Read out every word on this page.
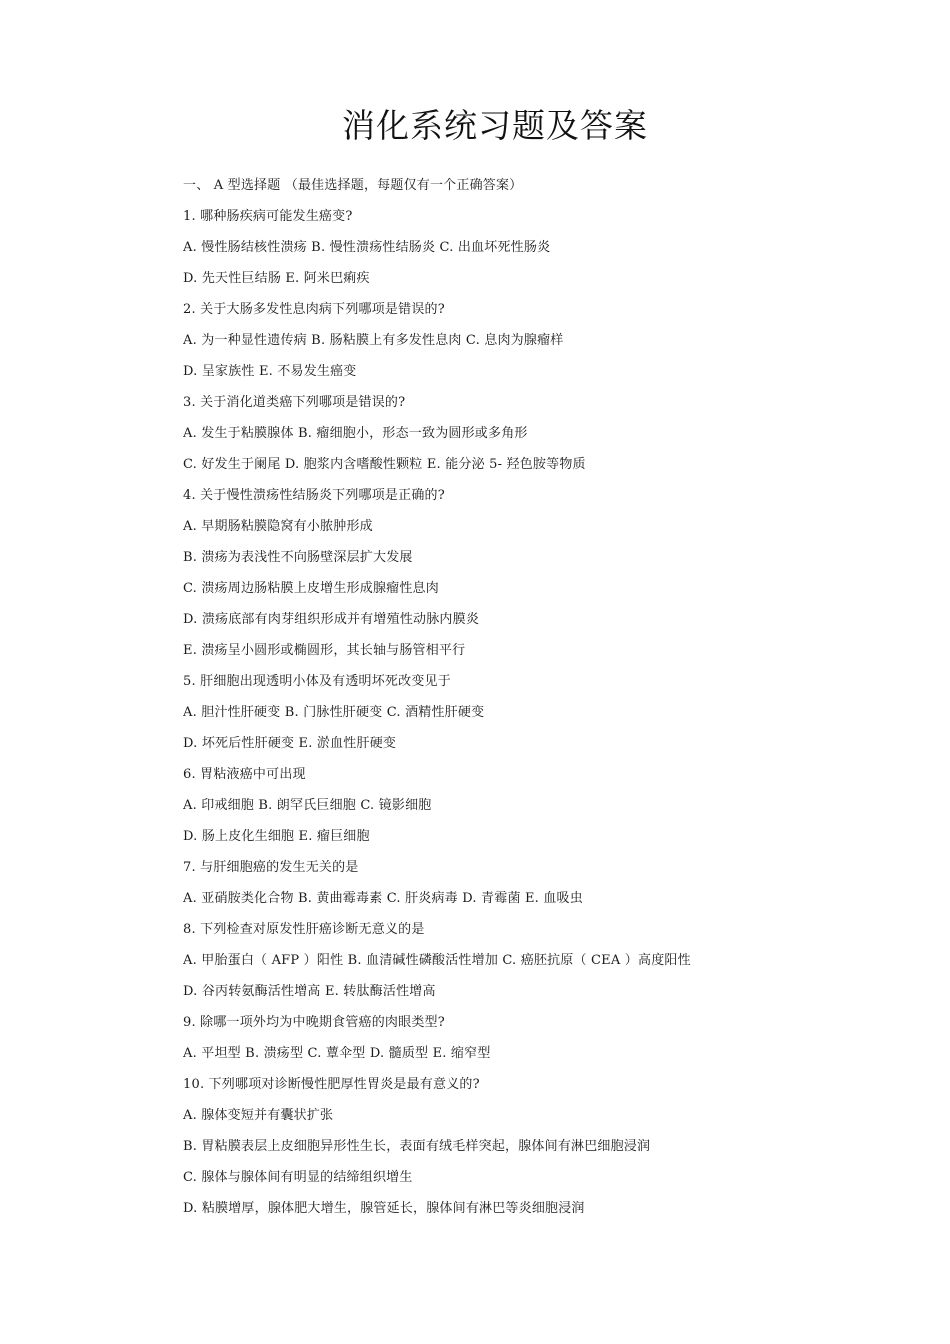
消化系统习题及答案
一、 A 型选择题 （最佳选择题，每题仅有一个正确答案）
1. 哪种肠疾病可能发生癌变?
A. 慢性肠结核性溃疡 B. 慢性溃疡性结肠炎 C. 出血坏死性肠炎
D. 先天性巨结肠 E. 阿米巴痢疾
2. 关于大肠多发性息肉病下列哪项是错误的?
A. 为一种显性遗传病 B. 肠粘膜上有多发性息肉 C. 息肉为腺瘤样
D. 呈家族性 E. 不易发生癌变
3. 关于消化道类癌下列哪项是错误的?
A. 发生于粘膜腺体 B. 瘤细胞小，形态一致为圆形或多角形
C. 好发生于阑尾 D. 胞浆内含嗜酸性颗粒 E. 能分泌 5- 羟色胺等物质
4. 关于慢性溃疡性结肠炎下列哪项是正确的?
A. 早期肠粘膜隐窝有小脓肿形成
B. 溃疡为表浅性不向肠壁深层扩大发展
C. 溃疡周边肠粘膜上皮增生形成腺瘤性息肉
D. 溃疡底部有肉芽组织形成并有增殖性动脉内膜炎
E. 溃疡呈小圆形或椭圆形，其长轴与肠管相平行
5. 肝细胞出现透明小体及有透明坏死改变见于
A. 胆汁性肝硬变 B. 门脉性肝硬变 C. 酒精性肝硬变
D. 坏死后性肝硬变 E. 淤血性肝硬变
6. 胃粘液癌中可出现
A. 印戒细胞 B. 朗罕氏巨细胞 C. 镜影细胞
D. 肠上皮化生细胞 E. 瘤巨细胞
7. 与肝细胞癌的发生无关的是
A. 亚硝胺类化合物 B. 黄曲霉毒素 C. 肝炎病毒 D. 青霉菌 E. 血吸虫
8. 下列检查对原发性肝癌诊断无意义的是
A. 甲胎蛋白（ AFP ）阳性 B. 血清碱性磷酸活性增加 C. 癌胚抗原（ CEA ）高度阳性
D. 谷丙转氨酶活性增高 E. 转肽酶活性增高
9. 除哪一项外均为中晚期食管癌的肉眼类型?
A. 平坦型 B. 溃疡型 C. 蕈伞型 D. 髓质型 E. 缩窄型
10. 下列哪项对诊断慢性肥厚性胃炎是最有意义的?
A. 腺体变短并有囊状扩张
B. 胃粘膜表层上皮细胞异形性生长，表面有绒毛样突起，腺体间有淋巴细胞浸润
C. 腺体与腺体间有明显的结缔组织增生
D. 粘膜增厚，腺体肥大增生，腺管延长，腺体间有淋巴等炎细胞浸润
